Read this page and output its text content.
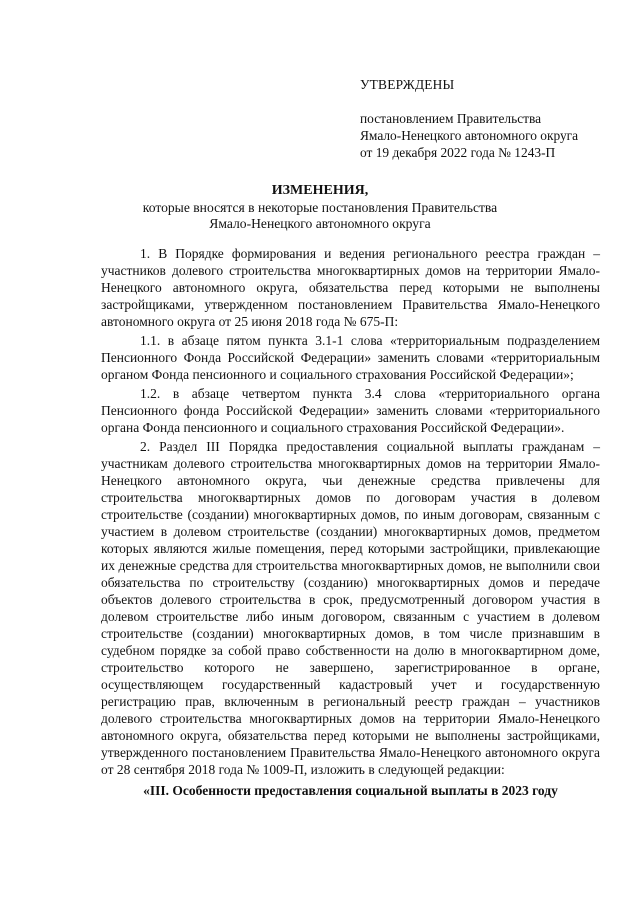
УТВЕРЖДЕНЫ
постановлением Правительства
Ямало-Ненецкого автономного округа
от 19 декабря 2022 года № 1243-П
ИЗМЕНЕНИЯ,
которые вносятся в некоторые постановления Правительства
Ямало-Ненецкого автономного округа

1. В Порядке формирования и ведения регионального реестра граждан – участников долевого строительства многоквартирных домов на территории Ямало-Ненецкого автономного округа, обязательства перед которыми не выполнены застройщиками, утвержденном постановлением Правительства Ямало-Ненецкого автономного округа от 25 июня 2018 года № 675-П:

1.1. в абзаце пятом пункта 3.1-1 слова «территориальным подразделением Пенсионного Фонда Российской Федерации» заменить словами «территориальным органом Фонда пенсионного и социального страхования Российской Федерации»;

1.2. в абзаце четвертом пункта 3.4 слова «территориального органа Пенсионного фонда Российской Федерации» заменить словами «территориального органа Фонда пенсионного и социального страхования Российской Федерации».

2. Раздел III Порядка предоставления социальной выплаты гражданам – участникам долевого строительства многоквартирных домов на территории Ямало-Ненецкого автономного округа, чьи денежные средства привлечены для строительства многоквартирных домов по договорам участия в долевом строительстве (создании) многоквартирных домов, по иным договорам, связанным с участием в долевом строительстве (создании) многоквартирных домов, предметом которых являются жилые помещения, перед которыми застройщики, привлекающие их денежные средства для строительства многоквартирных домов, не выполнили свои обязательства по строительству (созданию) многоквартирных домов и передаче объектов долевого строительства в срок, предусмотренный договором участия в долевом строительстве либо иным договором, связанным с участием в долевом строительстве (создании) многоквартирных домов, в том числе признавшим в судебном порядке за собой право собственности на долю в многоквартирном доме, строительство которого не завершено, зарегистрированное в органе, осуществляющем государственный кадастровый учет и государственную регистрацию прав, включенным в региональный реестр граждан – участников долевого строительства многоквартирных домов на территории Ямало-Ненецкого автономного округа, обязательства перед которыми не выполнены застройщиками, утвержденного постановлением Правительства Ямало-Ненецкого автономного округа от 28 сентября 2018 года № 1009-П, изложить в следующей редакции:

«III. Особенности предоставления социальной выплаты в 2023 году
